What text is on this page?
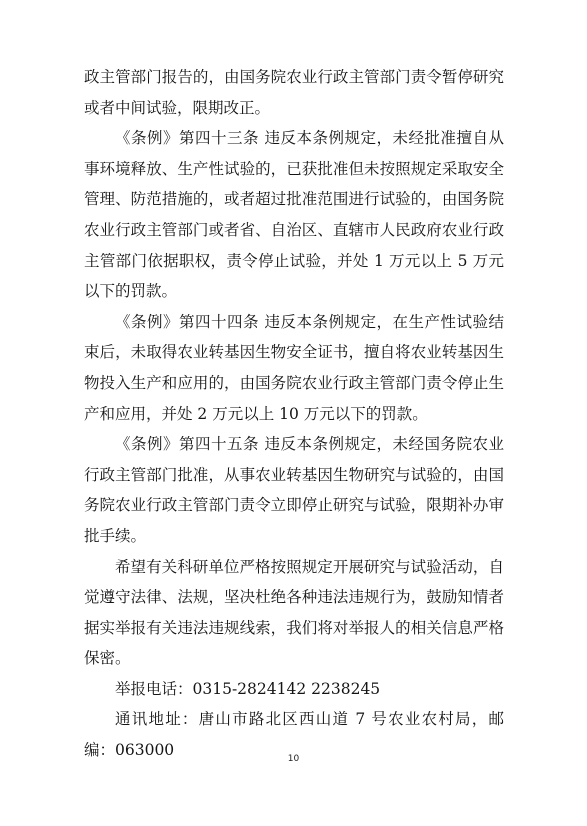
政主管部门报告的，由国务院农业行政主管部门责令暂停研究或者中间试验，限期改正。

《条例》第四十三条 违反本条例规定，未经批准擅自从事环境释放、生产性试验的，已获批准但未按照规定采取安全管理、防范措施的，或者超过批准范围进行试验的，由国务院农业行政主管部门或者省、自治区、直辖市人民政府农业行政主管部门依据职权，责令停止试验，并处 1 万元以上 5 万元以下的罚款。

《条例》第四十四条 违反本条例规定，在生产性试验结束后，未取得农业转基因生物安全证书，擅自将农业转基因生物投入生产和应用的，由国务院农业行政主管部门责令停止生产和应用，并处 2 万元以上 10 万元以下的罚款。

《条例》第四十五条 违反本条例规定，未经国务院农业行政主管部门批准，从事农业转基因生物研究与试验的，由国务院农业行政主管部门责令立即停止研究与试验，限期补办审批手续。

希望有关科研单位严格按照规定开展研究与试验活动，自觉遵守法律、法规，坚决杜绝各种违法违规行为，鼓励知情者据实举报有关违法违规线索，我们将对举报人的相关信息严格保密。

举报电话：0315-2824142 2238245

通讯地址：唐山市路北区西山道 7 号农业农村局，邮编：063000	10
